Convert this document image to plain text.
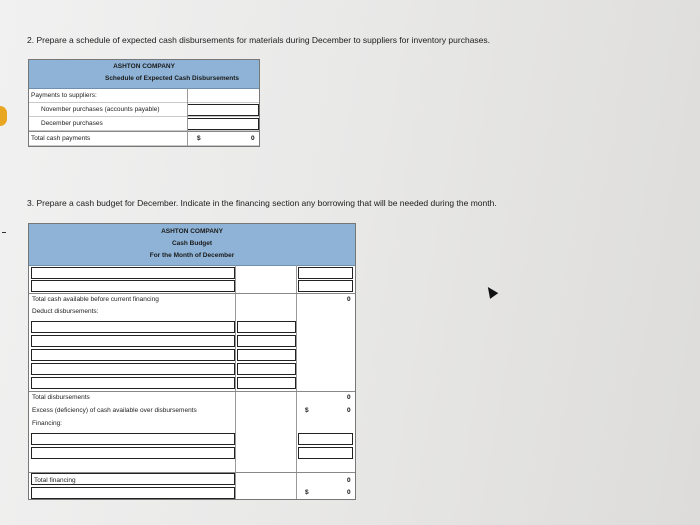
2. Prepare a schedule of expected cash disbursements for materials during December to suppliers for inventory purchases.
ASHTON COMPANY
Schedule of Expected Cash Disbursements
Payments to suppliers:
November purchases (accounts payable)
December purchases
Total cash payments	$	0
3. Prepare a cash budget for December. Indicate in the financing section any borrowing that will be needed during the month.
ASHTON COMPANY
Cash Budget
For the Month of December
Total cash available before current financing	0
Deduct disbursements:
Total disbursements	0
Excess (deficiency) of cash available over disbursements	$	0
Financing:
Total financing	0
$	0
